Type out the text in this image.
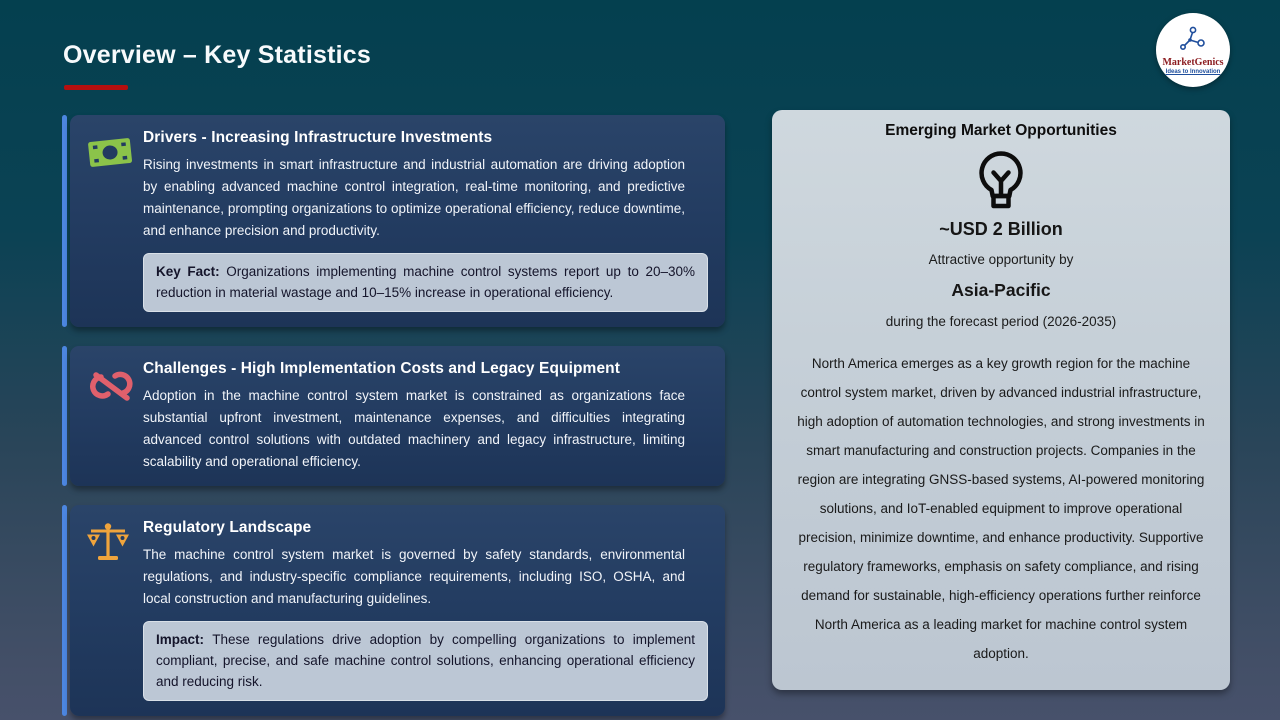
Overview – Key Statistics	MarketGenics
Ideas to Innovation
Drivers - Increasing Infrastructure Investments

Rising investments in smart infrastructure and industrial automation are driving adoption by enabling advanced machine control integration, real-time monitoring, and predictive maintenance, prompting organizations to optimize operational efficiency, reduce downtime, and enhance precision and productivity.

Key Fact: Organizations implementing machine control systems report up to 20–30% reduction in material wastage and 10–15% increase in operational efficiency.
Challenges - High Implementation Costs and Legacy Equipment

Adoption in the machine control system market is constrained as organizations face substantial upfront investment, maintenance expenses, and difficulties integrating advanced control solutions with outdated machinery and legacy infrastructure, limiting scalability and operational efficiency.

Regulatory Landscape

The machine control system market is governed by safety standards, environmental regulations, and industry-specific compliance requirements, including ISO, OSHA, and local construction and manufacturing guidelines.

Impact: These regulations drive adoption by compelling organizations to implement compliant, precise, and safe machine control solutions, enhancing operational efficiency and reducing risk.
Emerging Market Opportunities
~USD 2 Billion
Attractive opportunity by
Asia-Pacific
during the forecast period (2026-2035)
North America emerges as a key growth region for the machine control system market, driven by advanced industrial infrastructure, high adoption of automation technologies, and strong investments in smart manufacturing and construction projects. Companies in the region are integrating GNSS-based systems, AI-powered monitoring solutions, and IoT-enabled equipment to improve operational precision, minimize downtime, and enhance productivity. Supportive regulatory frameworks, emphasis on safety compliance, and rising demand for sustainable, high-efficiency operations further reinforce North America as a leading market for machine control system adoption.
